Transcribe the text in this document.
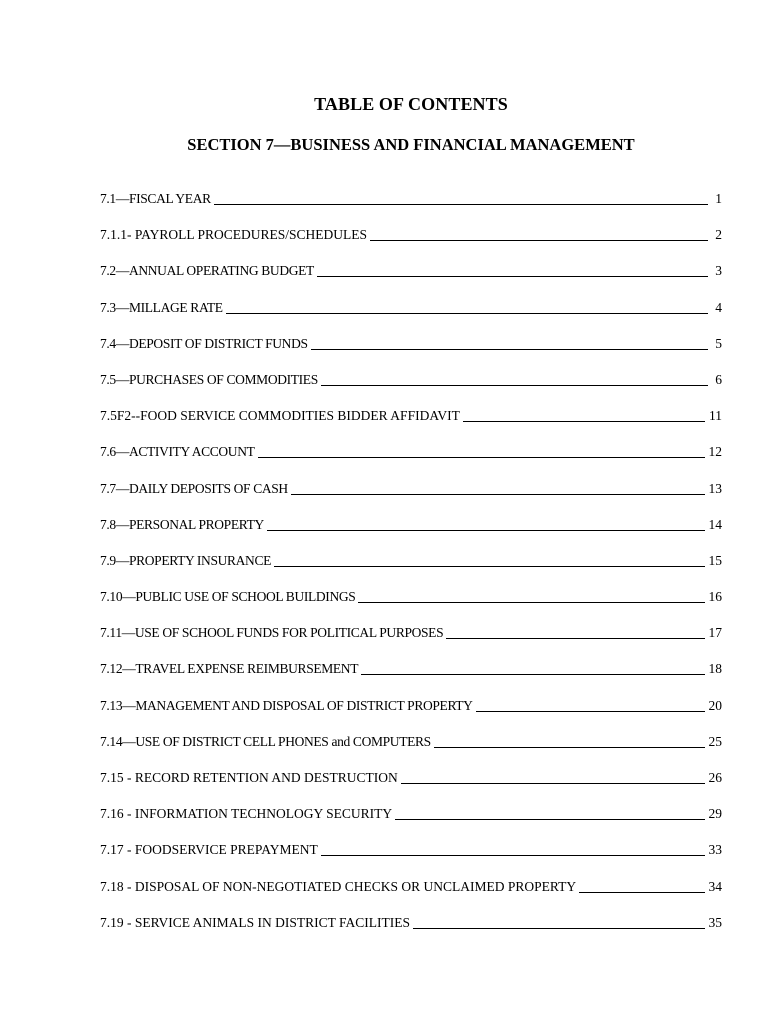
TABLE OF CONTENTS
SECTION 7—BUSINESS AND FINANCIAL MANAGEMENT
7.1—FISCAL YEAR	1
7.1.1- PAYROLL PROCEDURES/SCHEDULES	2
7.2—ANNUAL OPERATING BUDGET	3
7.3—MILLAGE RATE	4
7.4—DEPOSIT OF DISTRICT FUNDS	5
7.5—PURCHASES OF COMMODITIES	6
7.5F2--FOOD SERVICE COMMODITIES BIDDER AFFIDAVIT	11
7.6—ACTIVITY ACCOUNT	12
7.7—DAILY DEPOSITS OF CASH	13
7.8—PERSONAL PROPERTY	14
7.9—PROPERTY INSURANCE	15
7.10—PUBLIC USE OF SCHOOL BUILDINGS	16
7.11—USE OF SCHOOL FUNDS FOR POLITICAL PURPOSES	17
7.12—TRAVEL EXPENSE REIMBURSEMENT	18
7.13—MANAGEMENT AND DISPOSAL OF DISTRICT PROPERTY	20
7.14—USE OF DISTRICT CELL PHONES and COMPUTERS	25
7.15 - RECORD RETENTION AND DESTRUCTION	26
7.16 - INFORMATION TECHNOLOGY SECURITY	29
7.17 - FOODSERVICE PREPAYMENT	33
7.18 - DISPOSAL OF NON-NEGOTIATED CHECKS OR UNCLAIMED PROPERTY	34
7.19 - SERVICE ANIMALS IN DISTRICT FACILITIES	35
